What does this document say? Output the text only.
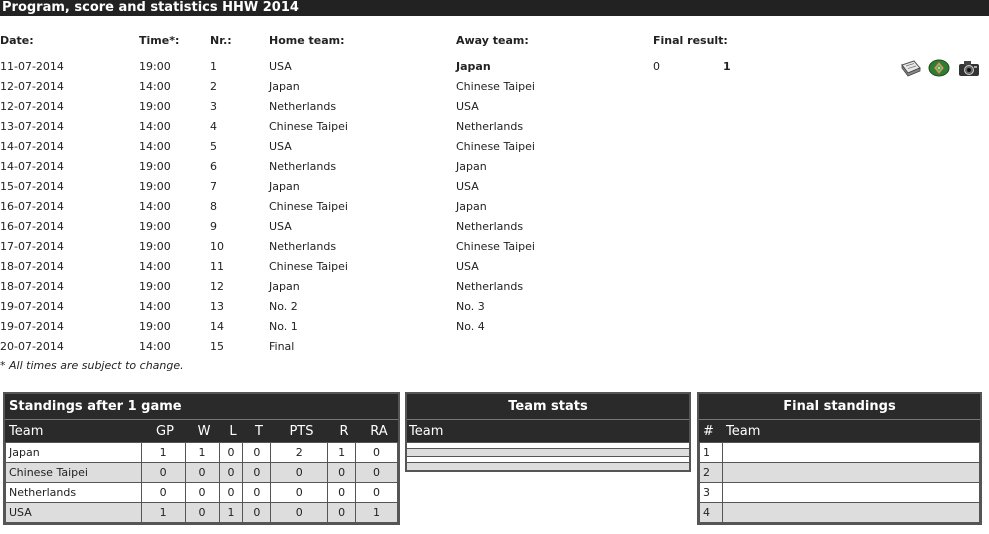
Program, score and statistics HHW 2014
Date:	Time*:	Nr.:	Home team:	Away team:	Final result:
11-07-2014	19:00	1	USA	Japan	0	1
12-07-2014	14:00	2	Japan	Chinese Taipei
12-07-2014	19:00	3	Netherlands	USA
13-07-2014	14:00	4	Chinese Taipei	Netherlands
14-07-2014	14:00	5	USA	Chinese Taipei
14-07-2014	19:00	6	Netherlands	Japan
15-07-2014	19:00	7	Japan	USA
16-07-2014	14:00	8	Chinese Taipei	Japan
16-07-2014	19:00	9	USA	Netherlands
17-07-2014	19:00	10	Netherlands	Chinese Taipei
18-07-2014	14:00	11	Chinese Taipei	USA
18-07-2014	19:00	12	Japan	Netherlands
19-07-2014	14:00	13	No. 2	No. 3
19-07-2014	19:00	14	No. 1	No. 4
20-07-2014	14:00	15	Final
* All times are subject to change.
Standings after 1 game
Team	GP	W	L	T	PTS	R	RA
Japan	1	1	0	0	2	1	0
Chinese Taipei	0	0	0	0	0	0	0
Netherlands	0	0	0	0	0	0	0
USA	1	0	1	0	0	0	1
Team stats
Team
Final standings
# Team
1	
2	
3	
4	
